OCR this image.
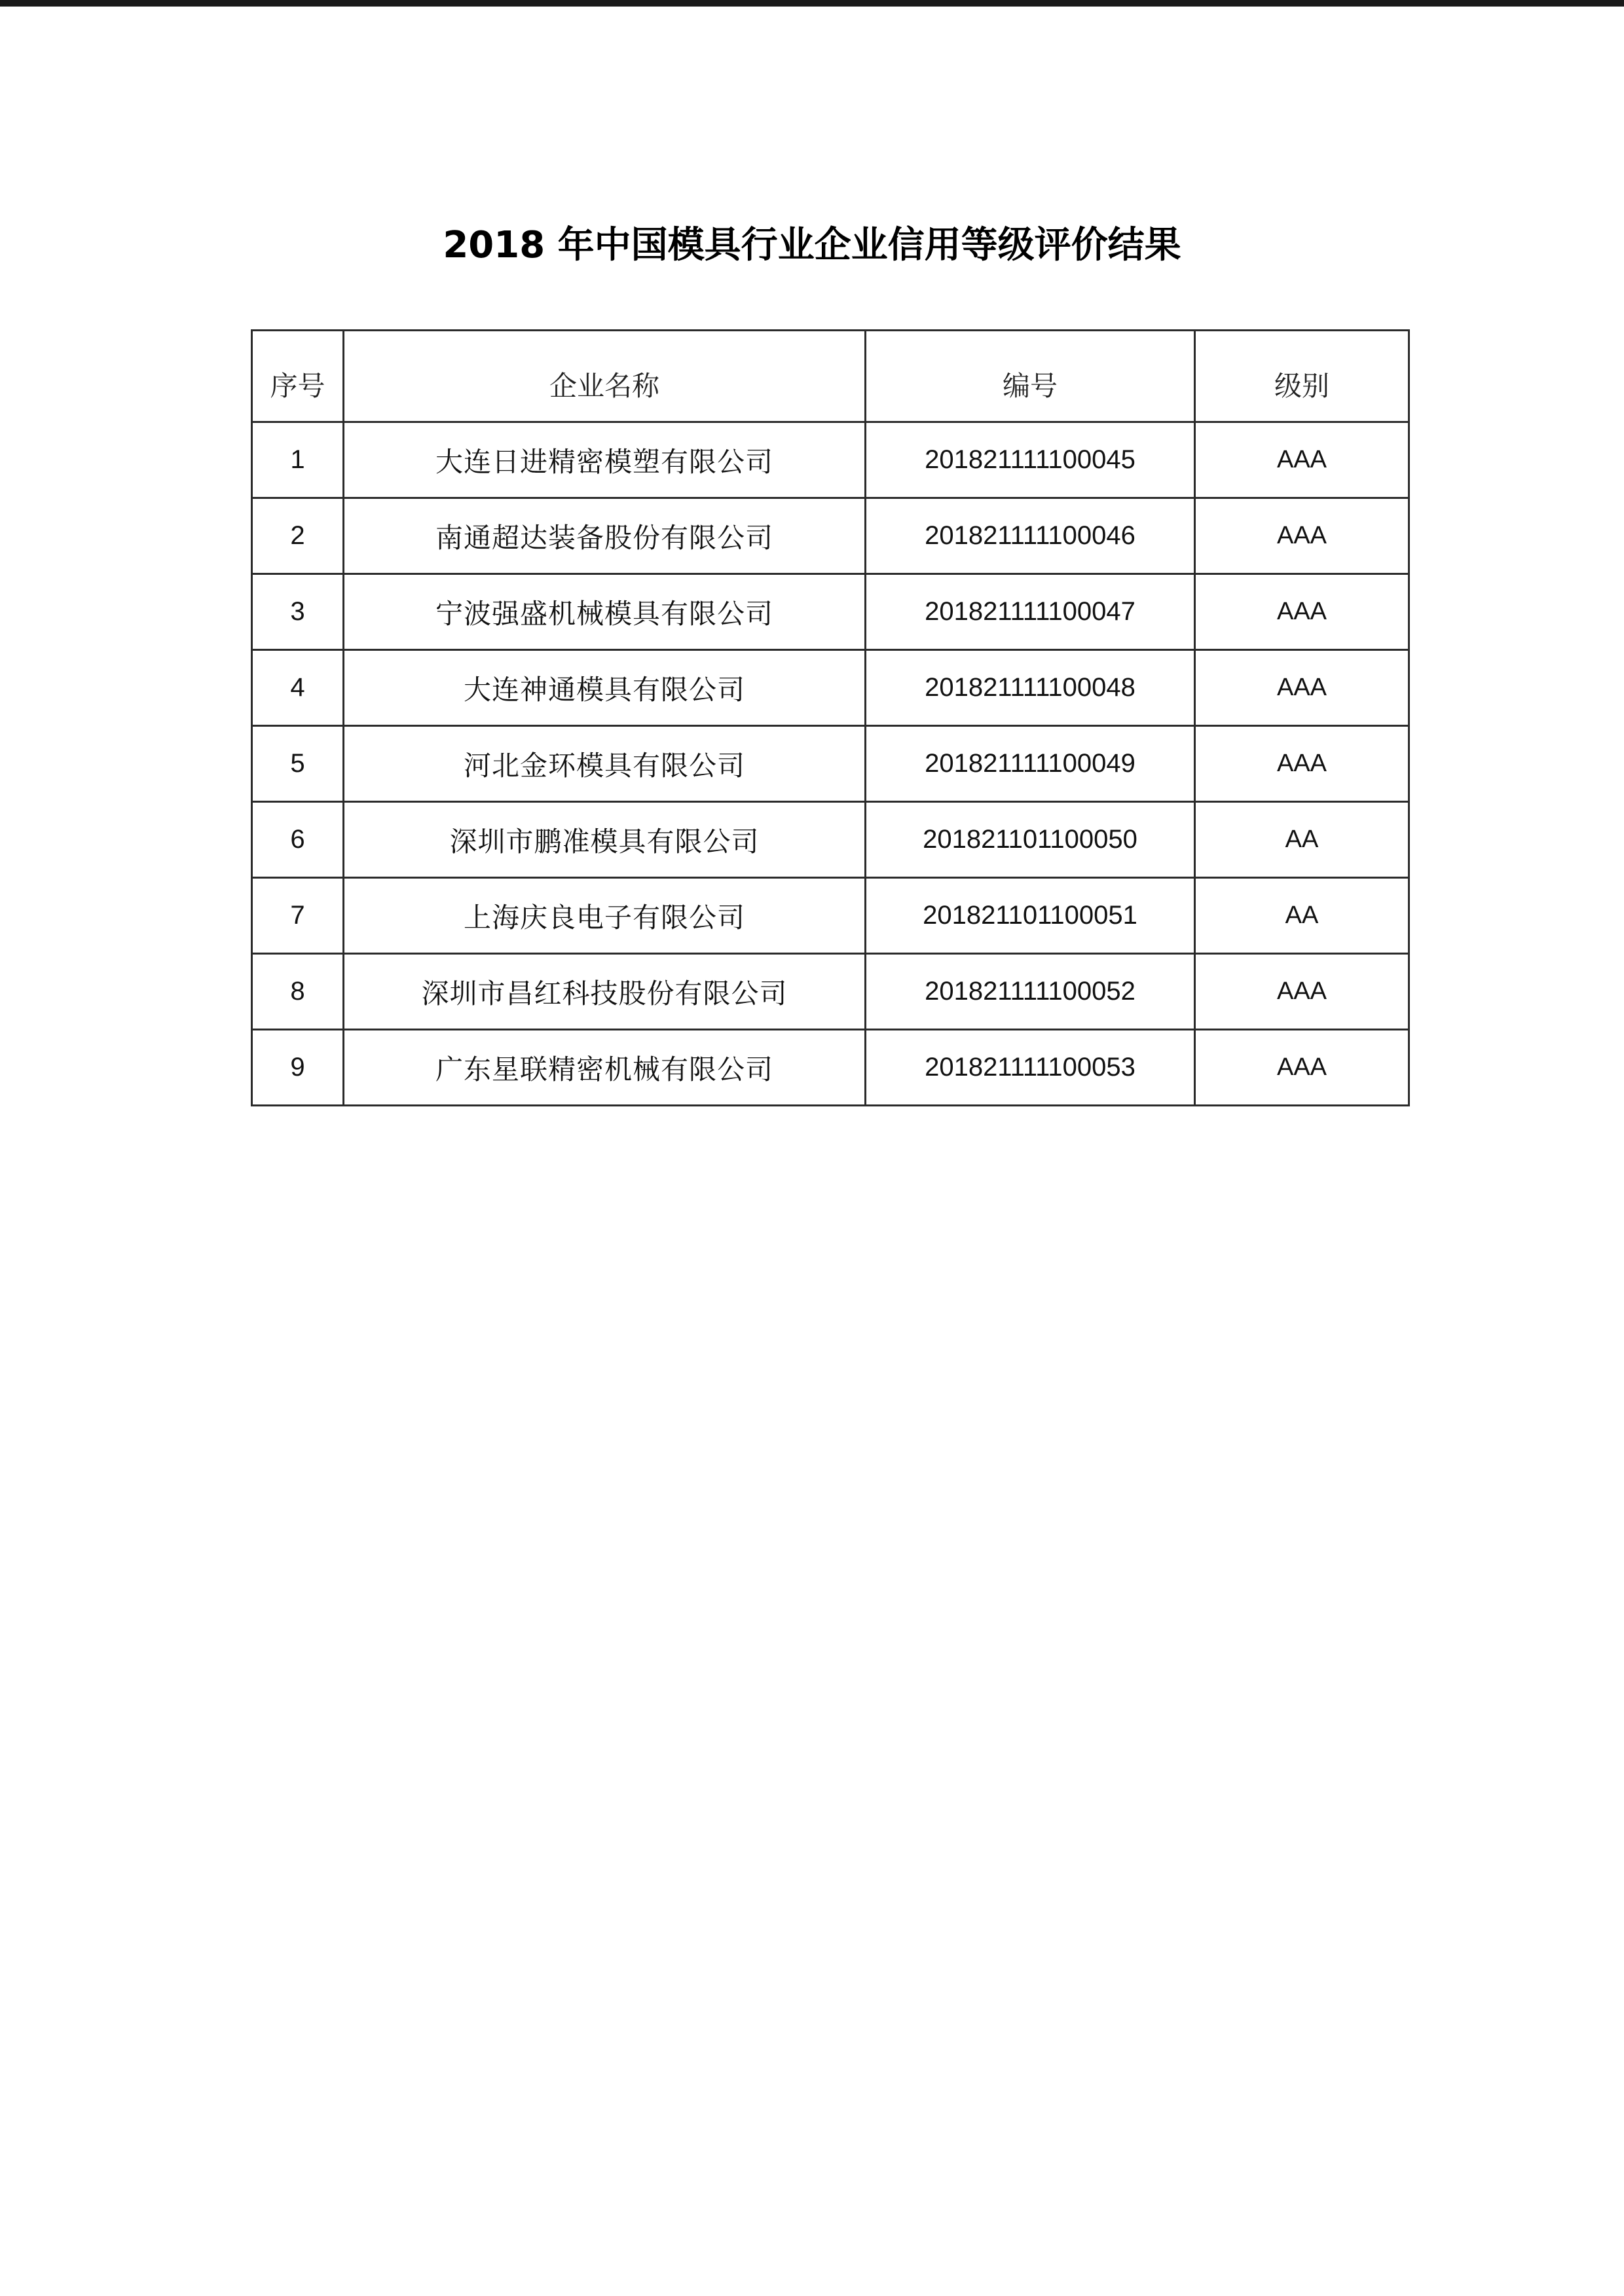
2018 年中国模具行业企业信用等级评价结果
序号	企业名称	编号	级别
1	大连日进精密模塑有限公司	201821111100045	AAA
2	南通超达装备股份有限公司	201821111100046	AAA
3	宁波强盛机械模具有限公司	201821111100047	AAA
4	大连神通模具有限公司	201821111100048	AAA
5	河北金环模具有限公司	201821111100049	AAA
6	深圳市鹏准模具有限公司	201821101100050	AA
7	上海庆良电子有限公司	201821101100051	AA
8	深圳市昌红科技股份有限公司	201821111100052	AAA
9	广东星联精密机械有限公司	201821111100053	AAA
